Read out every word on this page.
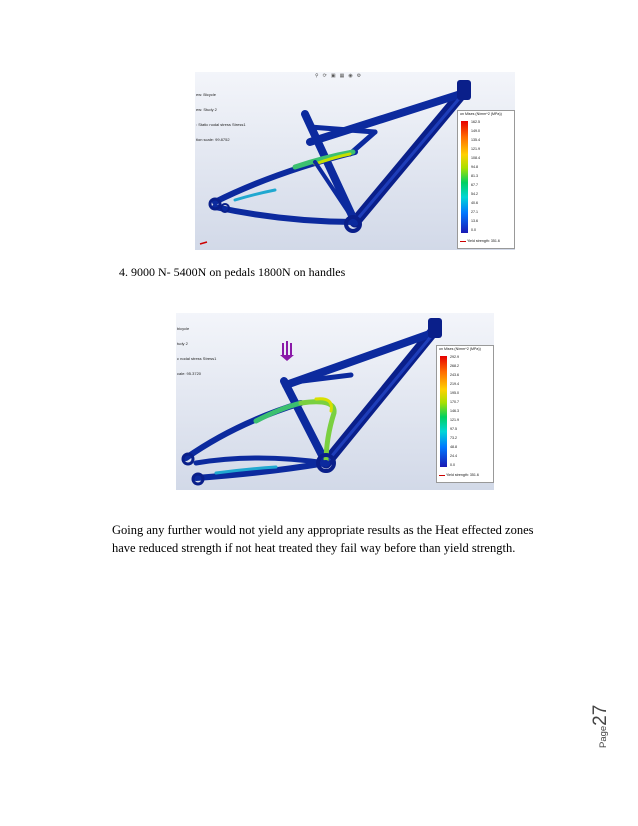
⚲ ⟳ ▣ ▦ ◉ ⚙

ew: Bicycle

ew: Study 2

: Static nodal stress Stress1

tion scale: 99.8752

on Mises (N/mm^2 (MPa))
162.5
149.0
135.4
121.9
108.4
94.8
81.3
67.7
54.2
40.6
27.1
13.6
0.0
Yield strength: 351.6
4. 9000 N- 5400N on pedals 1800N on handles

bicycle

tudy 2

c nodal stress Stress1

cale: 95.3720

on Mises (N/mm^2 (MPa))
292.9
268.2
243.6
219.4
195.0
170.7
146.3
121.9
97.5
73.2
48.8
24.4
0.0
Yield strength: 351.6
Going any further would not yield any appropriate results as the Heat effected zones have reduced strength if not heat treated they fail way before than yield strength.
Page27
